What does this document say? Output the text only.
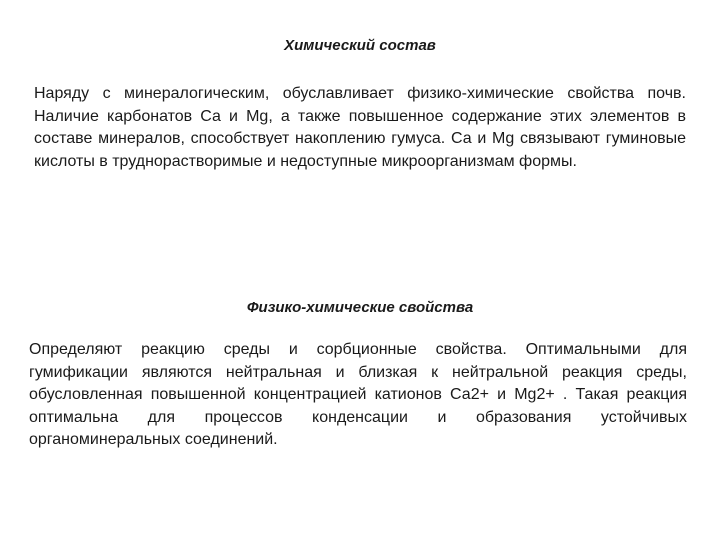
Химический состав

Наряду с минералогическим, обуславливает физико-химические свойства почв. Наличие карбонатов Са и Mg, а также повышенное содержание этих элементов в составе минералов, способствует накоплению гумуса. Са и Mg связывают гуминовые кислоты в труднорастворимые и недоступные микроорганизмам формы.

Физико-химические свойства

Определяют реакцию среды и сорбционные свойства. Оптимальными для гумификации являются нейтральная и близкая к нейтральной реакция среды, обусловленная повышенной концентрацией катионов Са2+ и Mg2+ . Такая реакция оптимальна для процессов конденсации и образования устойчивых органоминеральных соединений.
